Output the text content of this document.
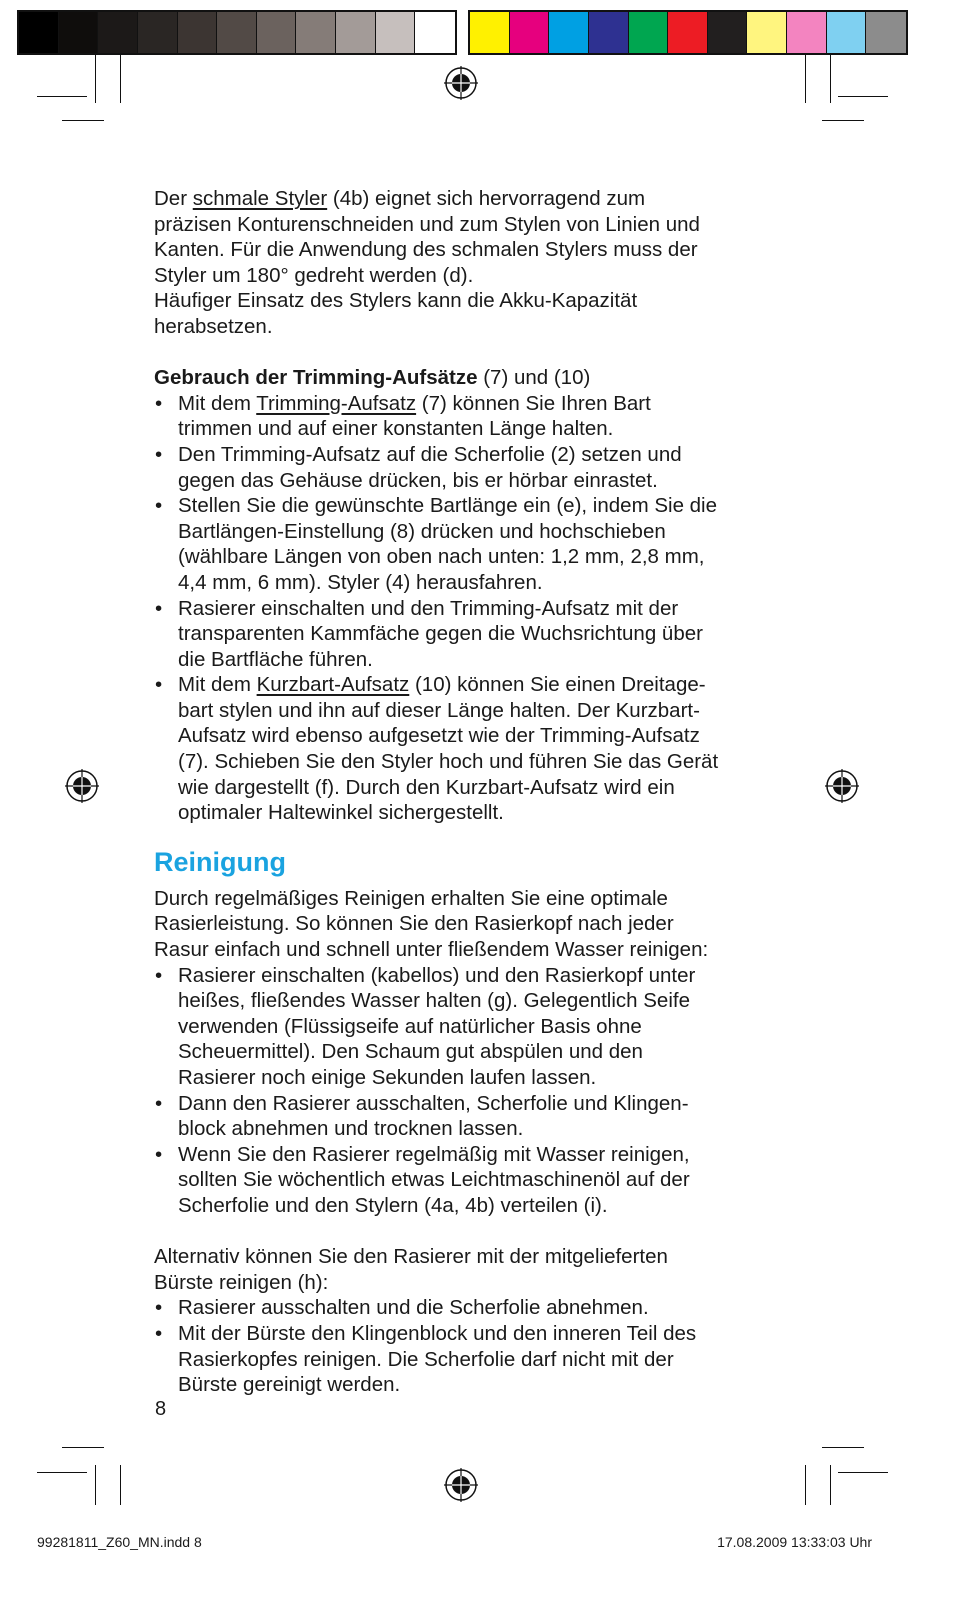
Der schmale Styler (4b) eignet sich hervorragend zum
präzisen Konturenschneiden und zum Stylen von Linien und
Kanten. Für die Anwendung des schmalen Stylers muss der
Styler um 180° gedreht werden (d).

Häufiger Einsatz des Stylers kann die Akku-Kapazität
herabsetzen.

Gebrauch der Trimming-Aufsätze (7) und (10)

• Mit dem Trimming-Aufsatz (7) können Sie Ihren Bart
trimmen und auf einer konstanten Länge halten.
• Den Trimming-Aufsatz auf die Scherfolie (2) setzen und
gegen das Gehäuse drücken, bis er hörbar einrastet.
• Stellen Sie die gewünschte Bartlänge ein (e), indem Sie die
Bartlängen-Einstellung (8) drücken und hochschieben
(wählbare Längen von oben nach unten: 1,2 mm, 2,8 mm,
4,4 mm, 6 mm). Styler (4) herausfahren.
• Rasierer einschalten und den Trimming-Aufsatz mit der
transparenten Kammfäche gegen die Wuchsrichtung über
die Bartfläche führen.
• Mit dem Kurzbart-Aufsatz (10) können Sie einen Dreitage-
bart stylen und ihn auf dieser Länge halten. Der Kurzbart-
Aufsatz wird ebenso aufgesetzt wie der Trimming-Aufsatz
(7). Schieben Sie den Styler hoch und führen Sie das Gerät
wie dargestellt (f). Durch den Kurzbart-Aufsatz wird ein
optimaler Haltewinkel sichergestellt.
Reinigung

Durch regelmäßiges Reinigen erhalten Sie eine optimale
Rasierleistung. So können Sie den Rasierkopf nach jeder
Rasur einfach und schnell unter fließendem Wasser reinigen:

• Rasierer einschalten (kabellos) und den Rasierkopf unter
heißes, fließendes Wasser halten (g). Gelegentlich Seife
verwenden (Flüssigseife auf natürlicher Basis ohne
Scheuermittel). Den Schaum gut abspülen und den
Rasierer noch einige Sekunden laufen lassen.
• Dann den Rasierer ausschalten, Scherfolie und Klingen-
block abnehmen und trocknen lassen.
• Wenn Sie den Rasierer regelmäßig mit Wasser reinigen,
sollten Sie wöchentlich etwas Leichtmaschinenöl auf der
Scherfolie und den Stylern (4a, 4b) verteilen (i).

Alternativ können Sie den Rasierer mit der mitgelieferten
Bürste reinigen (h):

• Rasierer ausschalten und die Scherfolie abnehmen.
• Mit der Bürste den Klingenblock und den inneren Teil des
Rasierkopfes reinigen. Die Scherfolie darf nicht mit der
Bürste gereinigt werden.
8
99281811_Z60_MN.indd 8	17.08.2009 13:33:03 Uhr
